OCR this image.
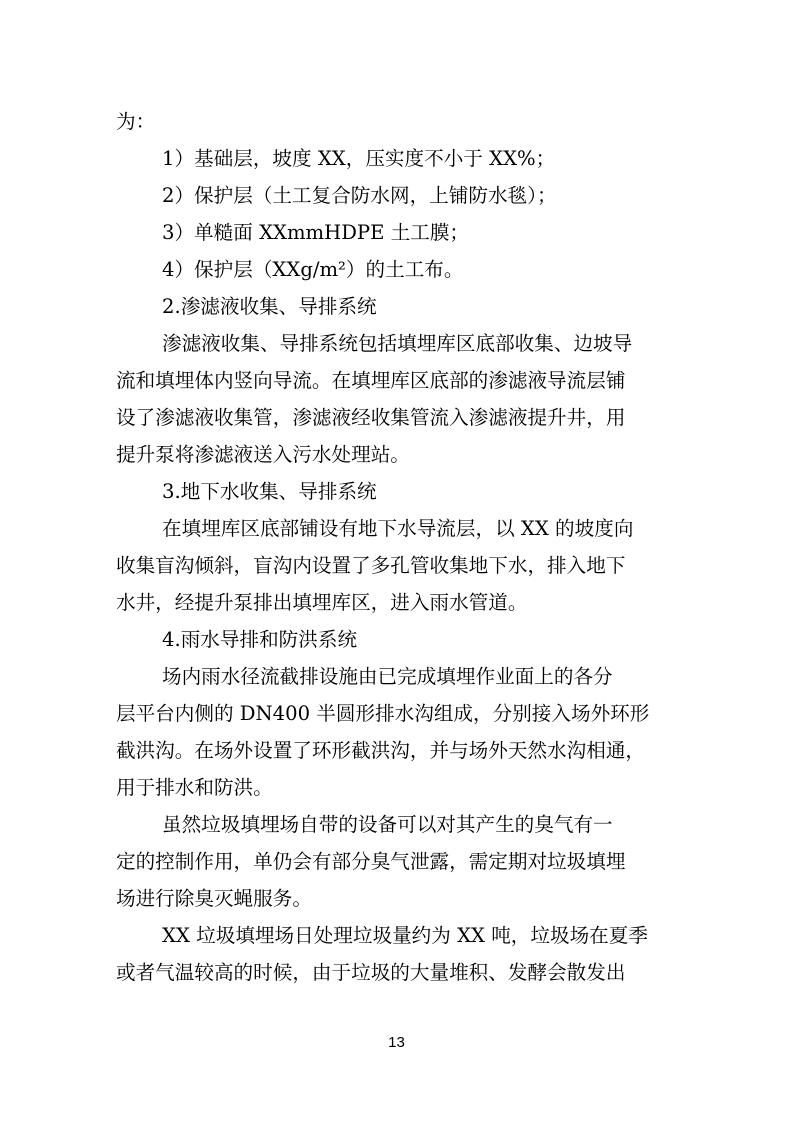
为：
1）基础层，坡度 XX，压实度不小于 XX%；
2）保护层（土工复合防水网，上铺防水毯）；
3）单糙面 XXmmHDPE 土工膜；
4）保护层（XXg/m²）的土工布。
2.渗滤液收集、导排系统
渗滤液收集、导排系统包括填埋库区底部收集、边坡导
流和填埋体内竖向导流。在填埋库区底部的渗滤液导流层铺
设了渗滤液收集管，渗滤液经收集管流入渗滤液提升井，用
提升泵将渗滤液送入污水处理站。
3.地下水收集、导排系统
在填埋库区底部铺设有地下水导流层，以 XX 的坡度向
收集盲沟倾斜，盲沟内设置了多孔管收集地下水，排入地下
水井，经提升泵排出填埋库区，进入雨水管道。
4.雨水导排和防洪系统
场内雨水径流截排设施由已完成填埋作业面上的各分
层平台内侧的 DN400 半圆形排水沟组成，分别接入场外环形
截洪沟。在场外设置了环形截洪沟，并与场外天然水沟相通，
用于排水和防洪。
虽然垃圾填埋场自带的设备可以对其产生的臭气有一
定的控制作用，单仍会有部分臭气泄露，需定期对垃圾填埋
场进行除臭灭蝇服务。
XX 垃圾填埋场日处理垃圾量约为 XX 吨，垃圾场在夏季
或者气温较高的时候，由于垃圾的大量堆积、发酵会散发出
13
